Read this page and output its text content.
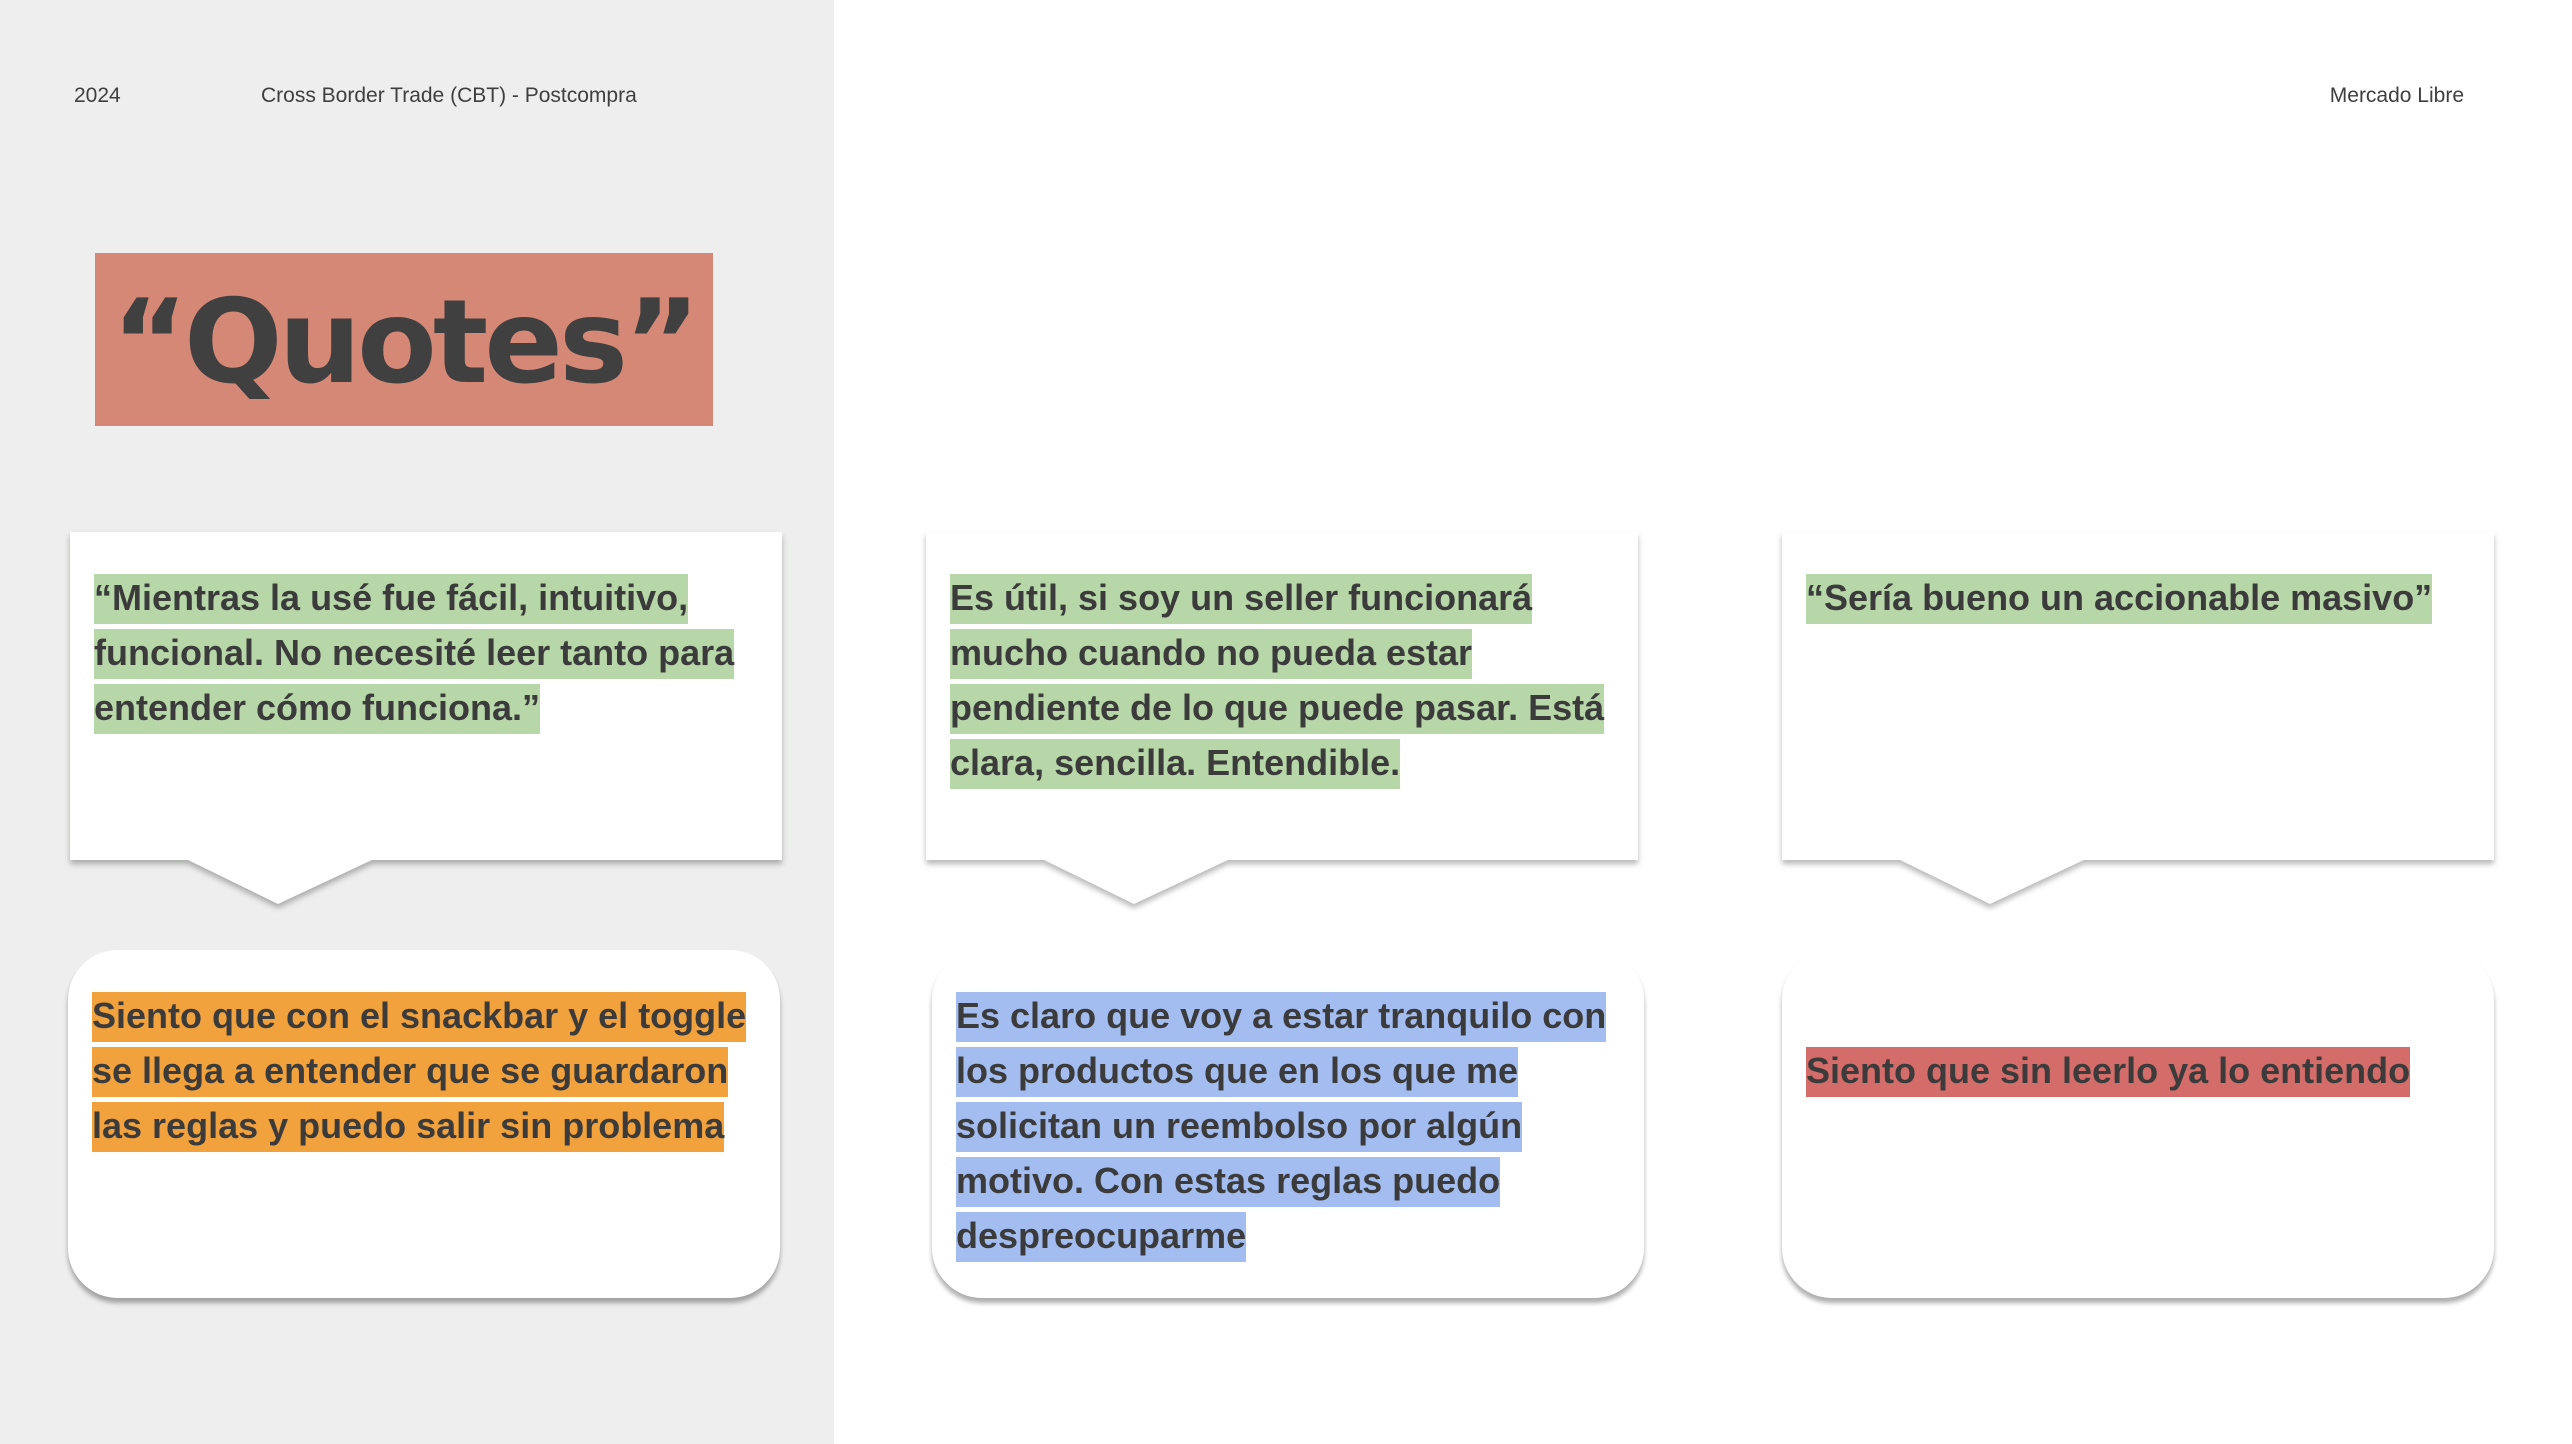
2024	Cross Border Trade (CBT) - Postcompra	Mercado Libre
“Quotes”
“Mientras la usé fue fácil, intuitivo, funcional. No necesité leer tanto para entender cómo funciona.”
Es útil, si soy un seller funcionará mucho cuando no pueda estar pendiente de lo que puede pasar. Está clara, sencilla. Entendible.
“Sería bueno un accionable masivo”
Siento que con el snackbar y el toggle se llega a entender que se guardaron las reglas y puedo salir sin problema
Es claro que voy a estar tranquilo con los productos que en los que me solicitan un reembolso por algún motivo. Con estas reglas puedo despreocuparme
Siento que sin leerlo ya lo entiendo
